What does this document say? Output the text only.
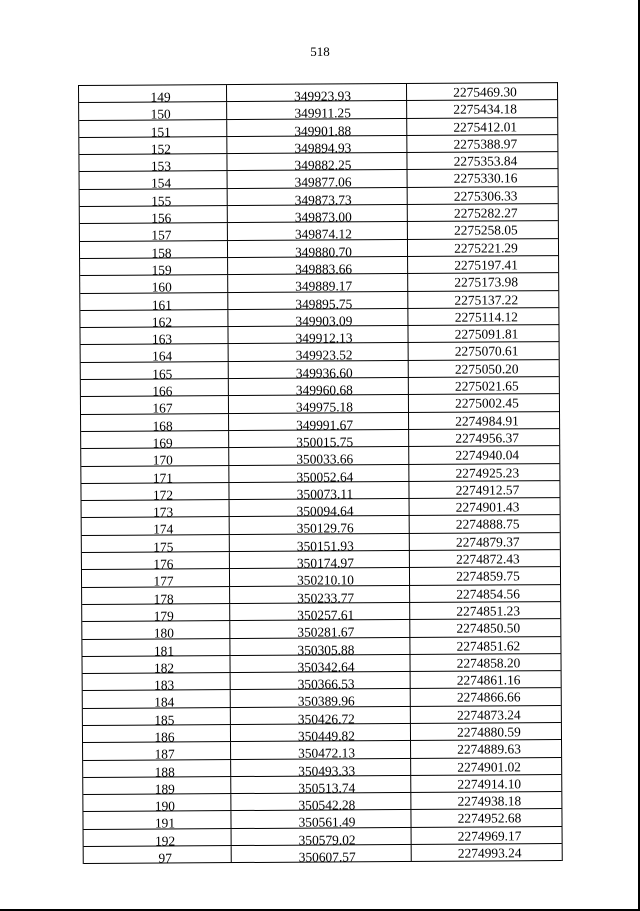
518
149	349923.93	2275469.30
150	349911.25	2275434.18
151	349901.88	2275412.01
152	349894.93	2275388.97
153	349882.25	2275353.84
154	349877.06	2275330.16
155	349873.73	2275306.33
156	349873.00	2275282.27
157	349874.12	2275258.05
158	349880.70	2275221.29
159	349883.66	2275197.41
160	349889.17	2275173.98
161	349895.75	2275137.22
162	349903.09	2275114.12
163	349912.13	2275091.81
164	349923.52	2275070.61
165	349936.60	2275050.20
166	349960.68	2275021.65
167	349975.18	2275002.45
168	349991.67	2274984.91
169	350015.75	2274956.37
170	350033.66	2274940.04
171	350052.64	2274925.23
172	350073.11	2274912.57
173	350094.64	2274901.43
174	350129.76	2274888.75
175	350151.93	2274879.37
176	350174.97	2274872.43
177	350210.10	2274859.75
178	350233.77	2274854.56
179	350257.61	2274851.23
180	350281.67	2274850.50
181	350305.88	2274851.62
182	350342.64	2274858.20
183	350366.53	2274861.16
184	350389.96	2274866.66
185	350426.72	2274873.24
186	350449.82	2274880.59
187	350472.13	2274889.63
188	350493.33	2274901.02
189	350513.74	2274914.10
190	350542.28	2274938.18
191	350561.49	2274952.68
192	350579.02	2274969.17
97	350607.57	2274993.24
